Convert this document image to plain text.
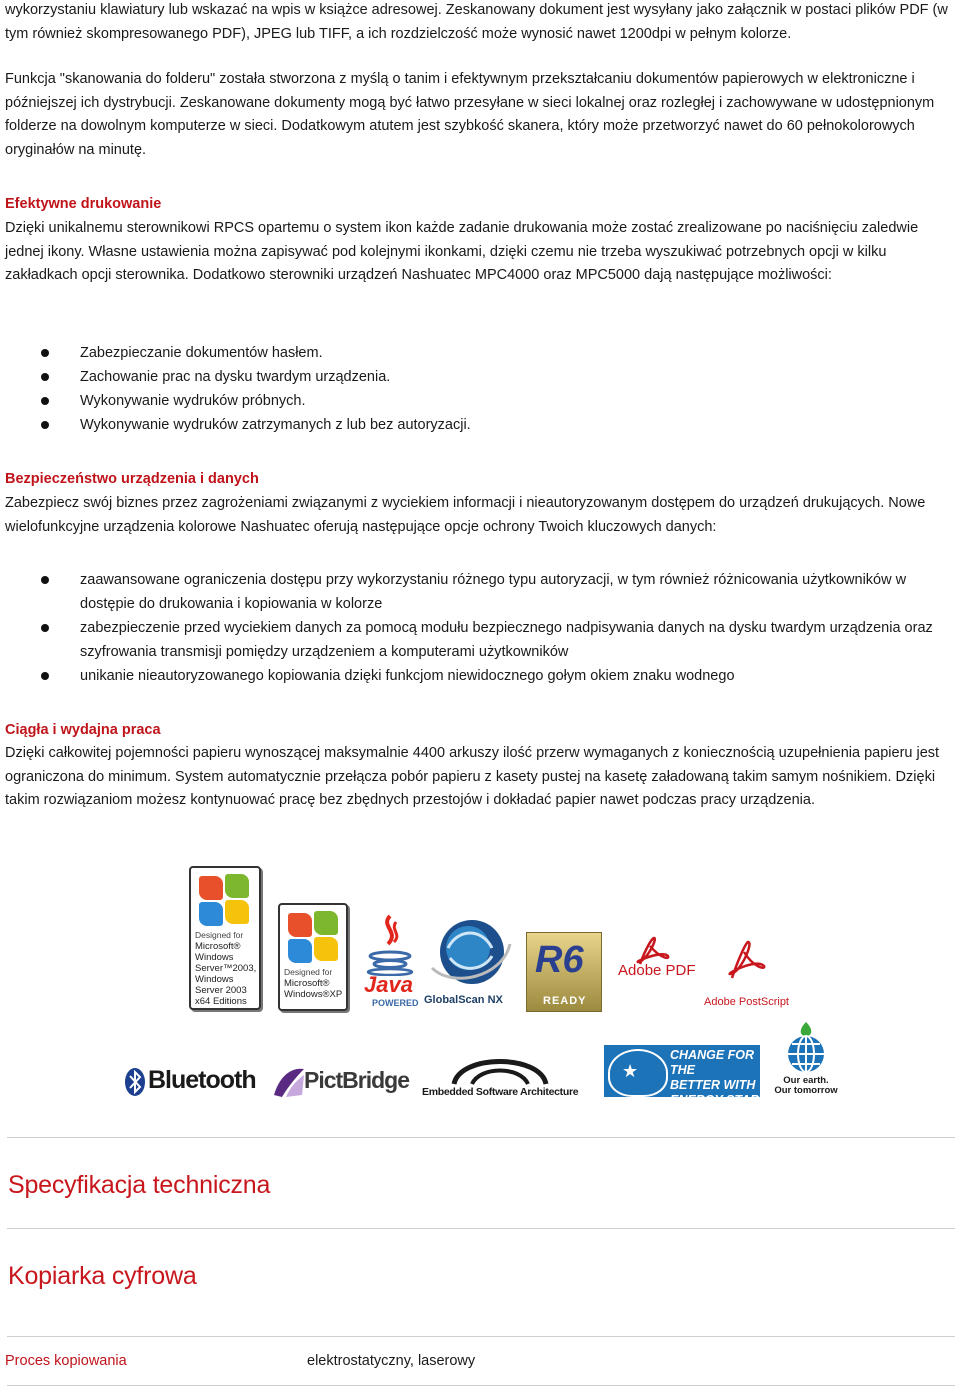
wykorzystaniu klawiatury lub wskazać na wpis w książce adresowej. Zeskanowany dokument jest wysyłany jako załącznik w postaci plików PDF (w tym również skompresowanego PDF), JPEG lub TIFF, a ich rozdzielczość może wynosić nawet 1200dpi w pełnym kolorze.

Funkcja "skanowania do folderu" została stworzona z myślą o tanim i efektywnym przekształcaniu dokumentów papierowych w elektroniczne i późniejszej ich dystrybucji. Zeskanowane dokumenty mogą być łatwo przesyłane w sieci lokalnej oraz rozległej i zachowywane w udostępnionym folderze na dowolnym komputerze w sieci. Dodatkowym atutem jest szybkość skanera, który może przetworzyć nawet do 60 pełnokolorowych oryginałów na minutę.

Efektywne drukowanie

Dzięki unikalnemu sterownikowi RPCS opartemu o system ikon każde zadanie drukowania może zostać zrealizowane po naciśnięciu zaledwie jednej ikony. Własne ustawienia można zapisywać pod kolejnymi ikonkami, dzięki czemu nie trzeba wyszukiwać potrzebnych opcji w kilku zakładkach opcji sterownika. Dodatkowo sterowniki urządzeń Nashuatec MPC4000 oraz MPC5000 dają następujące możliwości:

Zabezpieczanie dokumentów hasłem.
Zachowanie prac na dysku twardym urządzenia.
Wykonywanie wydruków próbnych.
Wykonywanie wydruków zatrzymanych z lub bez autoryzacji.
Bezpieczeństwo urządzenia i danych

Zabezpiecz swój biznes przez zagrożeniami związanymi z wyciekiem informacji i nieautoryzowanym dostępem do urządzeń drukujących. Nowe wielofunkcyjne urządzenia kolorowe Nashuatec oferują następujące opcje ochrony Twoich kluczowych danych:

zaawansowane ograniczenia dostępu przy wykorzystaniu różnego typu autoryzacji, w tym również różnicowania użytkowników w dostępie do drukowania i kopiowania w kolorze
zabezpieczenie przed wyciekiem danych za pomocą modułu bezpiecznego nadpisywania danych na dysku twardym urządzenia oraz szyfrowania transmisji pomiędzy urządzeniem a komputerami użytkowników
unikanie nieautoryzowanego kopiowania dzięki funkcjom niewidocznego gołym okiem znaku wodnego
Ciągła i wydajna praca

Dzięki całkowitej pojemności papieru wynoszącej maksymalnie 4400 arkuszy ilość przerw wymaganych z koniecznością uzupełnienia papieru jest ograniczona do minimum. System automatycznie przełącza pobór papieru z kasety pustej na kasetę załadowaną takim samym nośnikiem. Dzięki takim rozwiązaniom możesz kontynuować pracę bez zbędnych przestojów i dokładać papier nawet podczas pracy urządzenia.

Designed for
Microsoft®
Windows
Server™2003,
Windows
Server 2003
x64 Editions
Designed for
Microsoft®
Windows®XP Java
POWERED GlobalScan NX
R6
READY
Adobe PDF
Adobe PostScript
Bluetooth PictBridge Embedded Software Architecture
★
CHANGE FOR THE
BETTER WITH
ENERGY STAR
Our earth.
Our tomorrow
Specyfikacja techniczna
Kopiarka cyfrowa
Proces kopiowania	elektrostatyczny, laserowy
